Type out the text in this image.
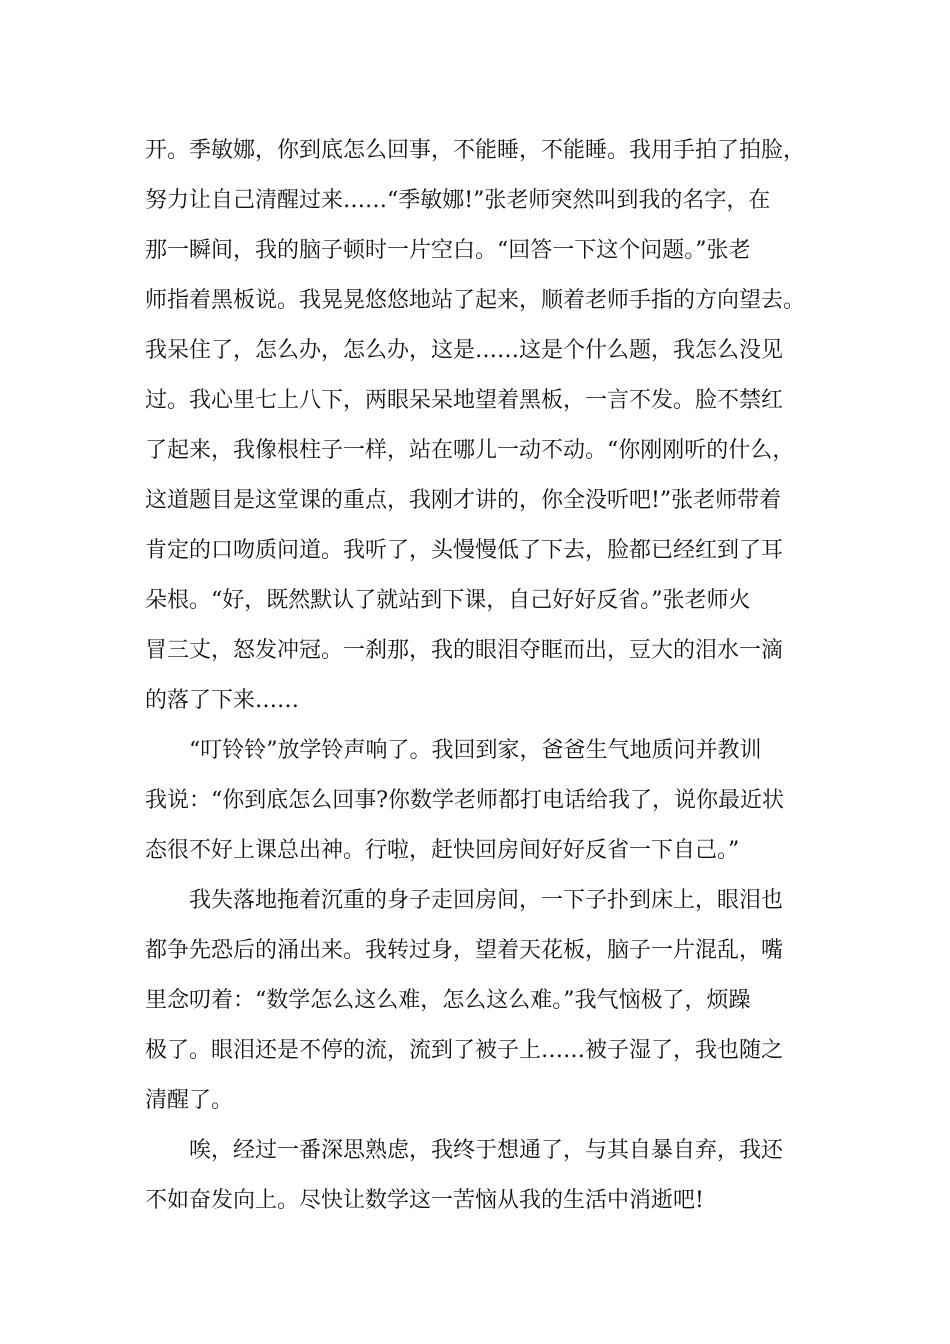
开。季敏娜，你到底怎么回事，不能睡，不能睡。我用手拍了拍脸，
努力让自己清醒过来……“季敏娜!”张老师突然叫到我的名字，在
那一瞬间，我的脑子顿时一片空白。“回答一下这个问题。”张老
师指着黑板说。我晃晃悠悠地站了起来，顺着老师手指的方向望去。
我呆住了，怎么办，怎么办，这是……这是个什么题，我怎么没见
过。我心里七上八下，两眼呆呆地望着黑板，一言不发。脸不禁红
了起来，我像根柱子一样，站在哪儿一动不动。“你刚刚听的什么，
这道题目是这堂课的重点，我刚才讲的，你全没听吧!”张老师带着
肯定的口吻质问道。我听了，头慢慢低了下去，脸都已经红到了耳
朵根。“好，既然默认了就站到下课，自己好好反省。”张老师火
冒三丈，怒发冲冠。一刹那，我的眼泪夺眶而出，豆大的泪水一滴
的落了下来……
“叮铃铃”放学铃声响了。我回到家，爸爸生气地质问并教训
我说：“你到底怎么回事?你数学老师都打电话给我了，说你最近状
态很不好上课总出神。行啦，赶快回房间好好反省一下自己。”
我失落地拖着沉重的身子走回房间，一下子扑到床上，眼泪也
都争先恐后的涌出来。我转过身，望着天花板，脑子一片混乱，嘴
里念叨着：“数学怎么这么难，怎么这么难。”我气恼极了，烦躁
极了。眼泪还是不停的流，流到了被子上……被子湿了，我也随之
清醒了。
唉，经过一番深思熟虑，我终于想通了，与其自暴自弃，我还
不如奋发向上。尽快让数学这一苦恼从我的生活中消逝吧!
